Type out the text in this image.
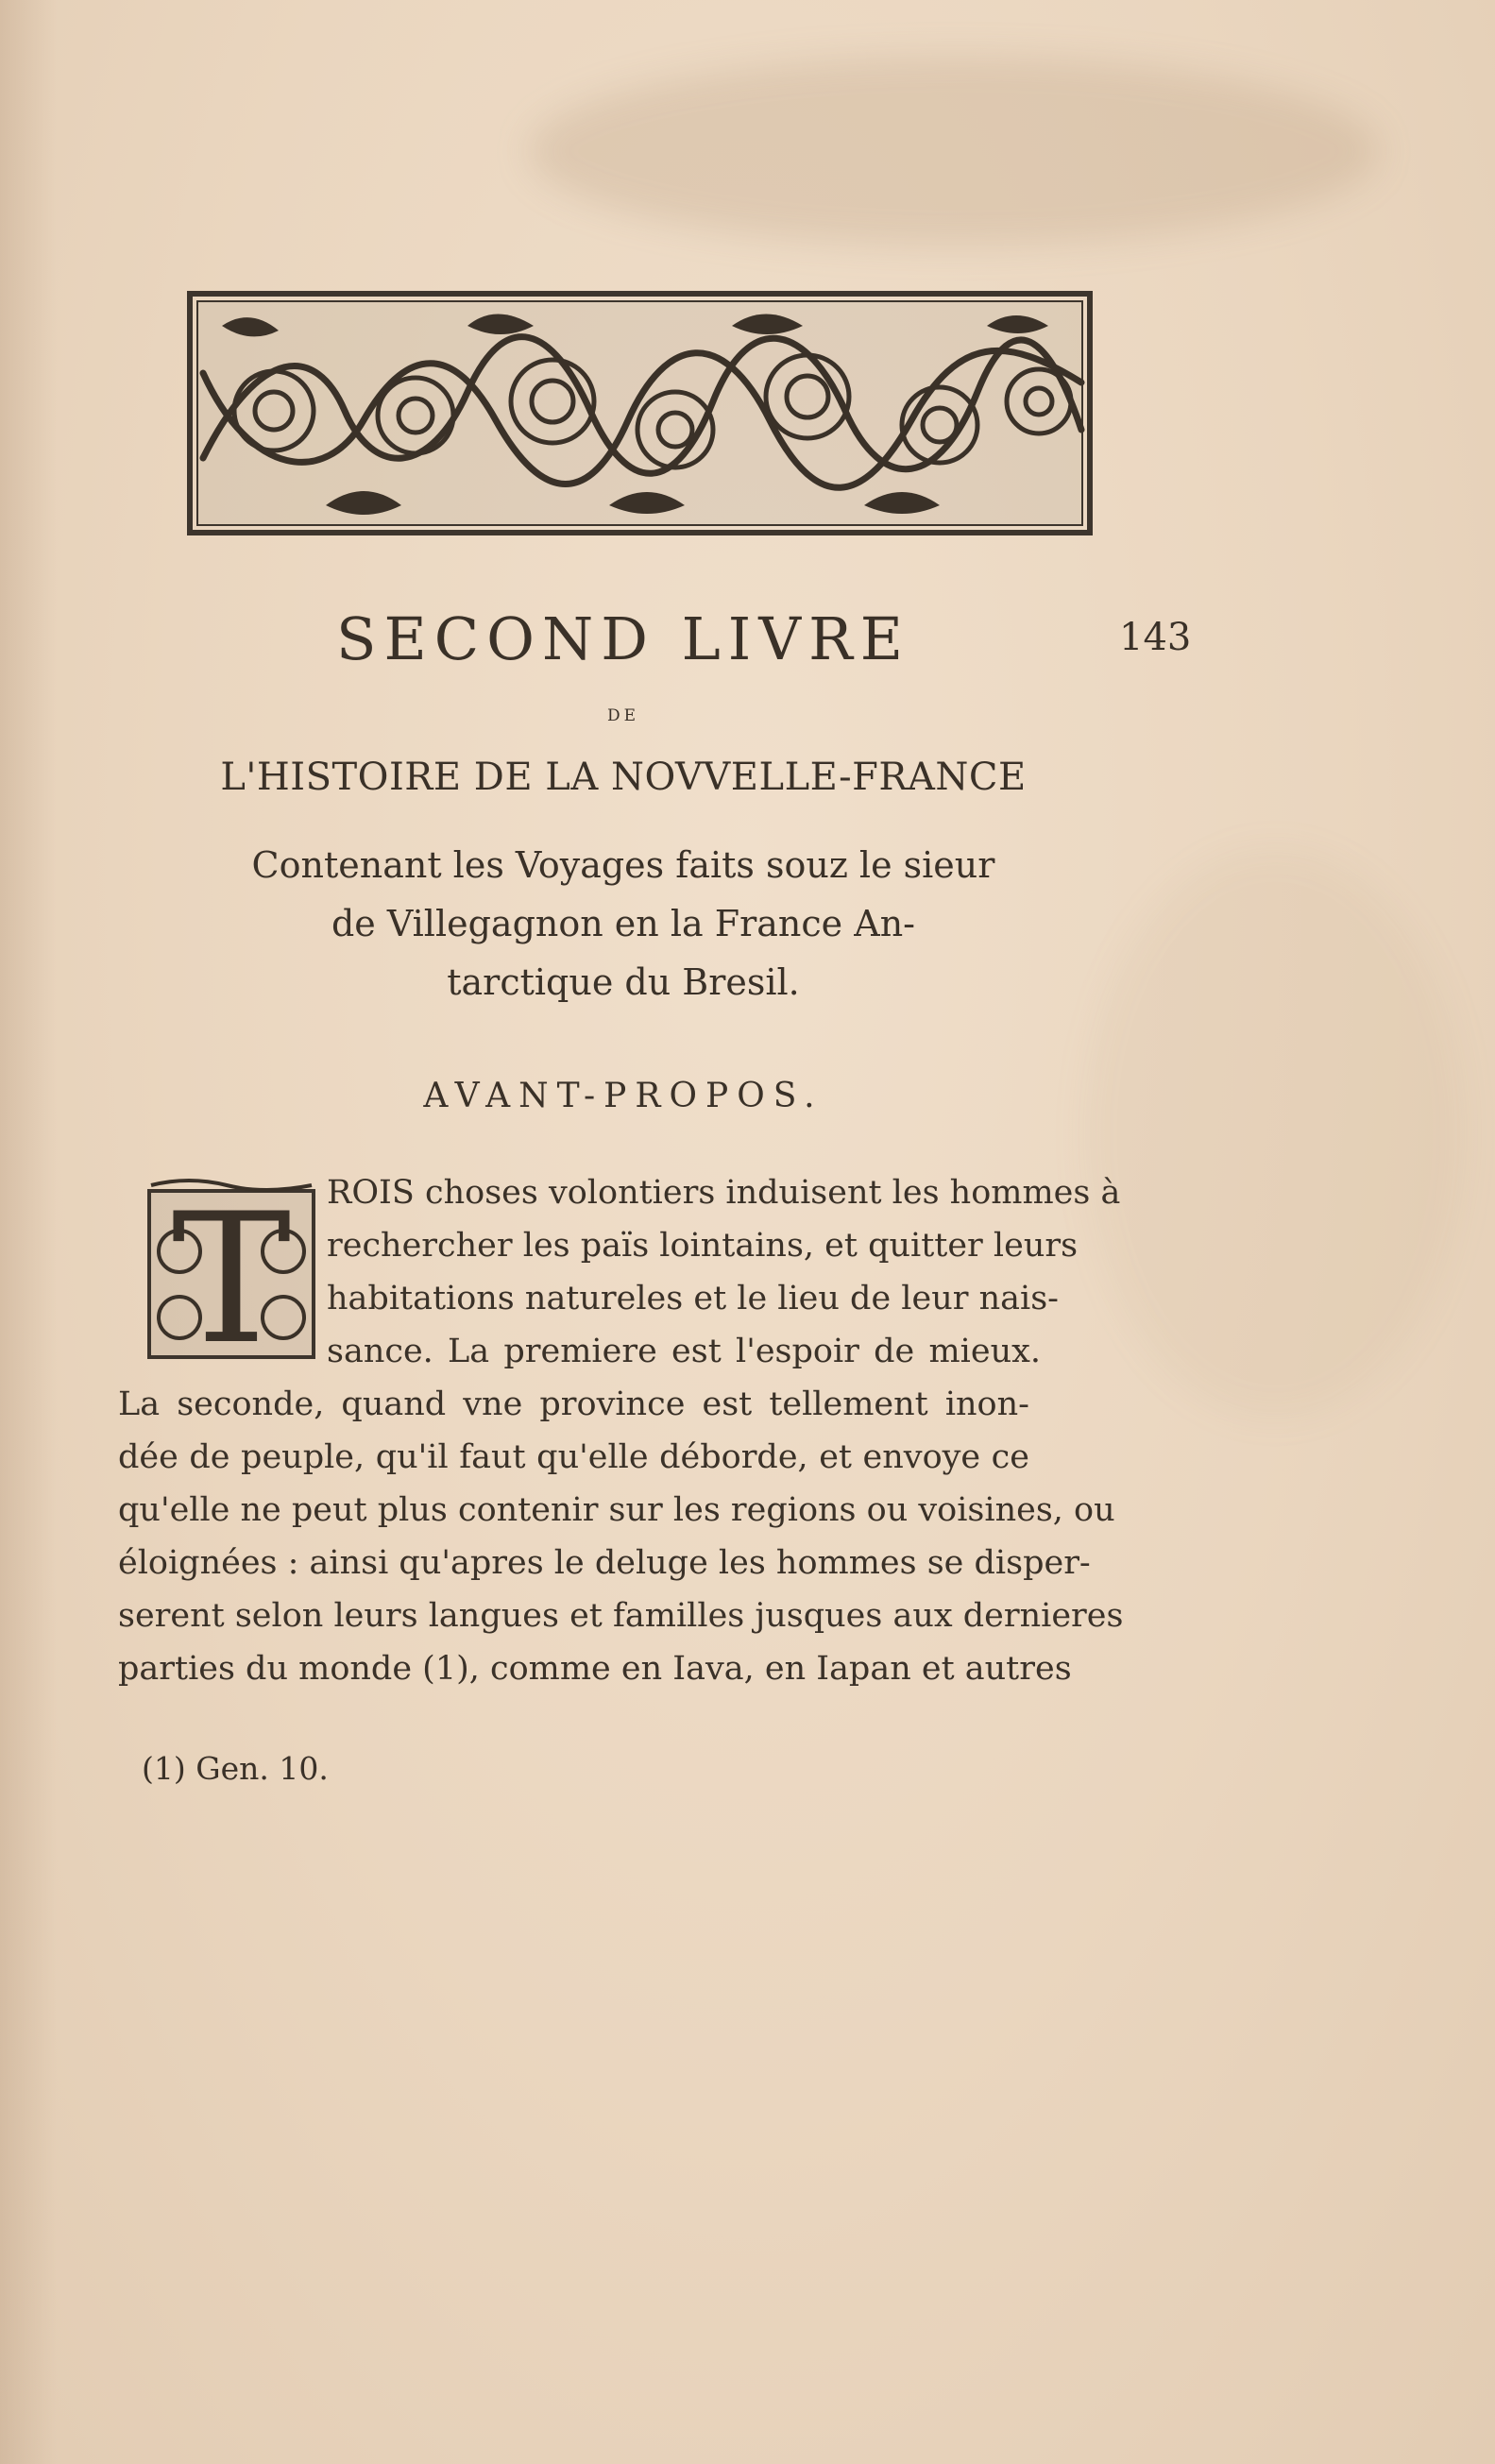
143
SECOND LIVRE
DE
L'HISTOIRE DE LA NOVVELLE-FRANCE
Contenant les Voyages faits souz le sieur
de Villegagnon en la France An-
tarctique du Bresil.
AVANT-PROPOS.
T ROIS choses volontiers induisent les hommes à
rechercher les païs lointains, et quitter leurs
habitations natureles et le lieu de leur nais-
sance. La premiere est l'espoir de mieux.
La seconde, quand vne province est tellement inon-
dée de peuple, qu'il faut qu'elle déborde, et envoye ce
qu'elle ne peut plus contenir sur les regions ou voisines, ou
éloignées : ainsi qu'apres le deluge les hommes se disper-
serent selon leurs langues et familles jusques aux dernieres
parties du monde (1), comme en Iava, en Iapan et autres
(1) Gen. 10.
